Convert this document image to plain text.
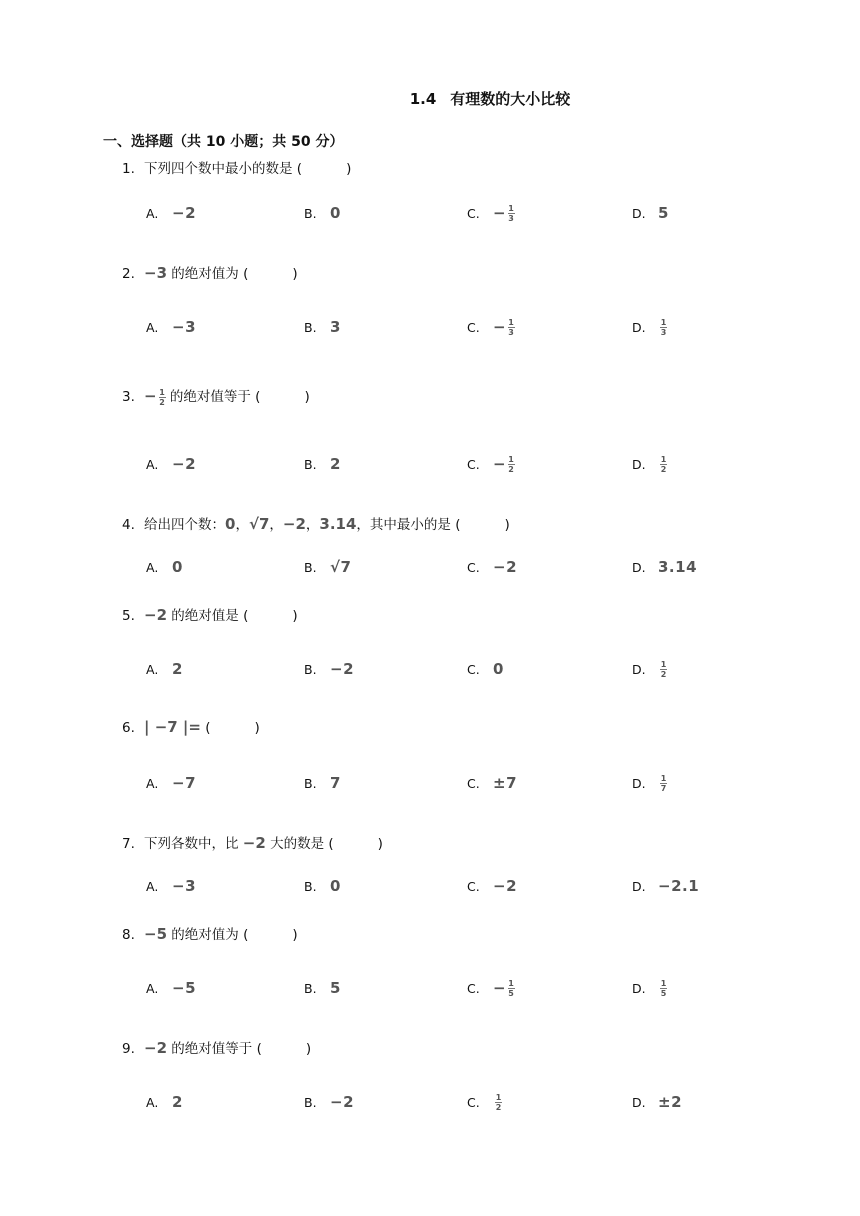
1.4 有理数的大小比较
一、选择题（共 10 小题；共 50 分）
1. 下列四个数中最小的数是 (	)
A. −2	B. 0	C. − $\frac{1}{3}$	D. 5
2. −3 的绝对值为 (	)
A. −3	B. 3	C. − $\frac{1}{3}$	D.	$\frac{1}{3}$
3. − $\frac{1}{2}$ 的绝对值等于 (	)
A. −2	B. 2	C. − $\frac{1}{2}$	D.	$\frac{1}{2}$
4. 给出四个数：0，√7，−2，3.14，其中最小的是 (	)
A. 0	B. √7	C. −2	D. 3.14
5. −2 的绝对值是 (	)
A. 2	B. −2	C. 0	D.	$\frac{1}{2}$
6. | −7 |= (	)
A. −7	B. 7	C. ±7	D.	$\frac{1}{7}$
7. 下列各数中，比 −2 大的数是 (	)
A. −3	B. 0	C. −2	D. −2.1
8. −5 的绝对值为 (	)
A. −5	B. 5	C. − $\frac{1}{5}$	D.	$\frac{1}{5}$
9. −2 的绝对值等于 (	)
A. 2	B. −2	C.	$\frac{1}{2}$	D. ±2
